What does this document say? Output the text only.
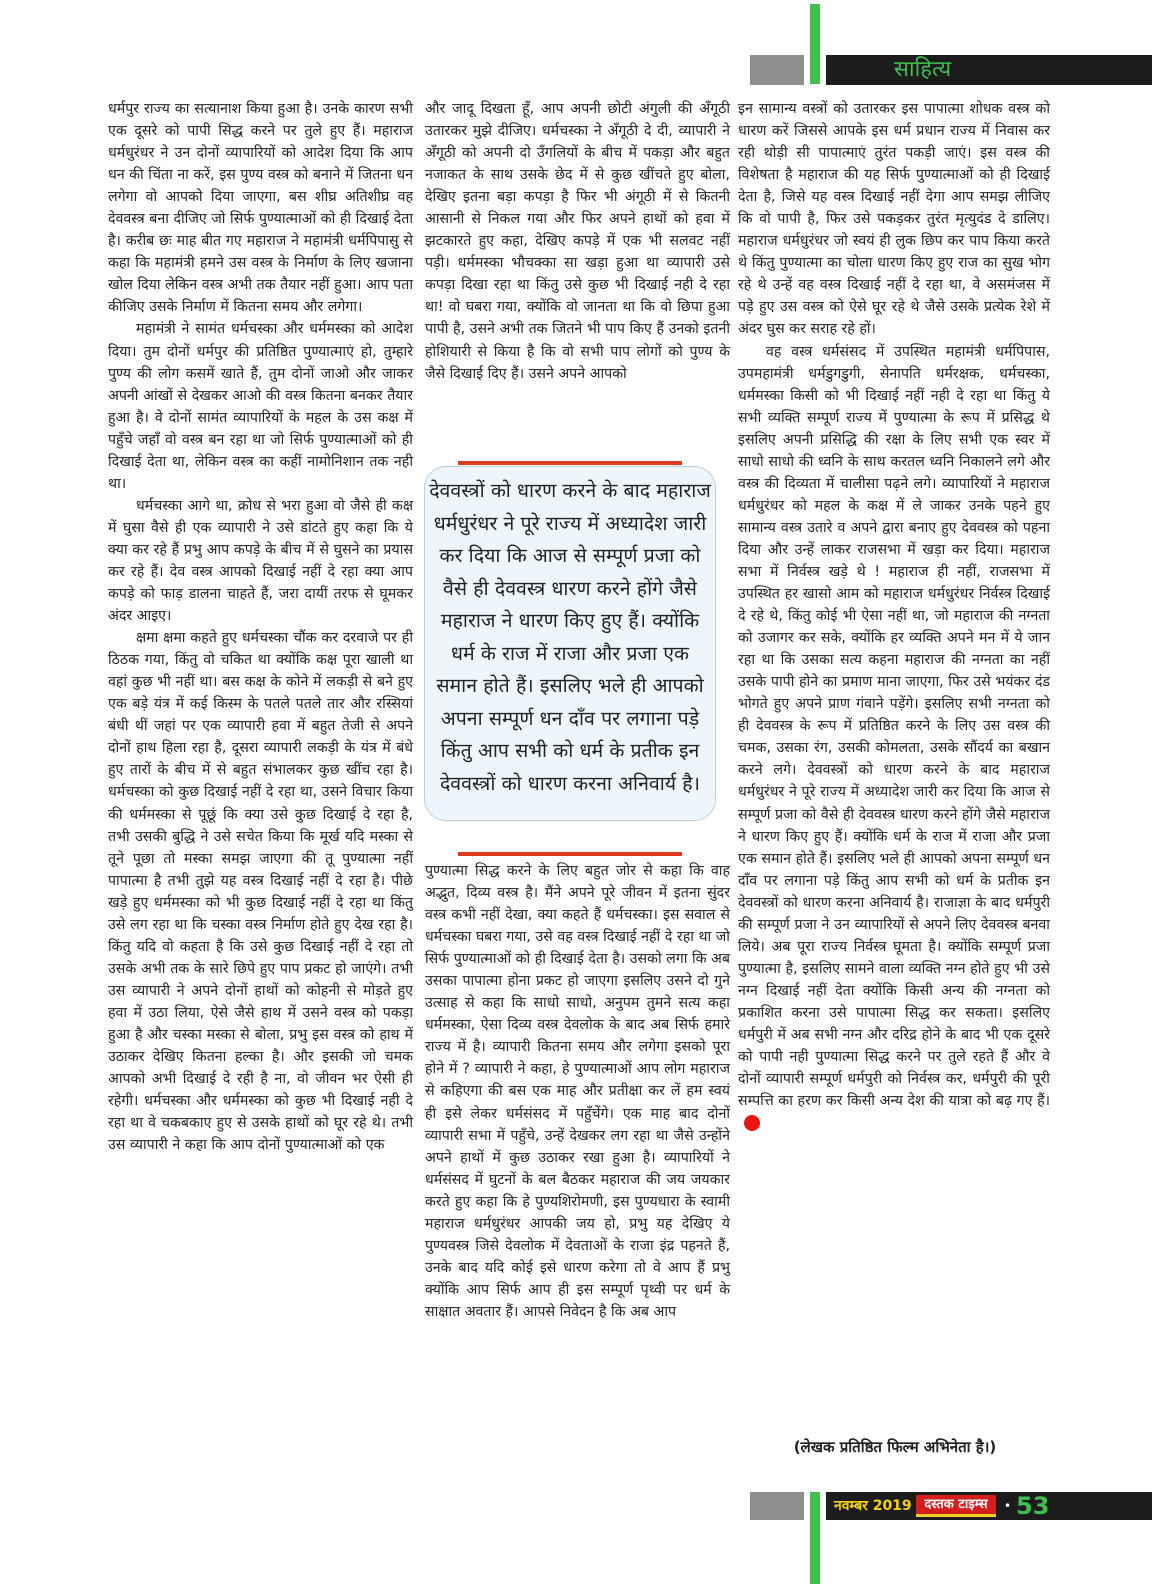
साहित्य

धर्मपुर राज्य का सत्यानाश किया हुआ है। उनके कारण सभी एक दूसरे को पापी सिद्ध करने पर तुले हुए हैं। महाराज धर्मधुरंधर ने उन दोनों व्यापारियों को आदेश दिया कि आप धन की चिंता ना करें, इस पुण्य वस्त्र को बनाने में जितना धन लगेगा वो आपको दिया जाएगा, बस शीघ्र अतिशीघ्र वह देववस्त्र बना दीजिए जो सिर्फ पुण्यात्माओं को ही दिखाई देता है। करीब छः माह बीत गए महाराज ने महामंत्री धर्मपिपासु से कहा कि महामंत्री हमने उस वस्त्र के निर्माण के लिए खजाना खोल दिया लेकिन वस्त्र अभी तक तैयार नहीं हुआ। आप पता कीजिए उसके निर्माण में कितना समय और लगेगा।

महामंत्री ने सामंत धर्मचस्का और धर्ममस्का को आदेश दिया। तुम दोनों धर्मपुर की प्रतिष्ठित पुण्यात्माएं हो, तुम्हारे पुण्य की लोग कसमें खाते हैं, तुम दोनों जाओ और जाकर अपनी आंखों से देखकर आओ की वस्त्र कितना बनकर तैयार हुआ है। वे दोनों सामंत व्यापारियों के महल के उस कक्ष में पहुँचे जहाँ वो वस्त्र बन रहा था जो सिर्फ पुण्यात्माओं को ही दिखाई देता था, लेकिन वस्त्र का कहीं नामोनिशान तक नही था।

धर्मचस्का आगे था, क्रोध से भरा हुआ वो जैसे ही कक्ष में घुसा वैसे ही एक व्यापारी ने उसे डांटते हुए कहा कि ये क्या कर रहे हैं प्रभु आप कपड़े के बीच में से घुसने का प्रयास कर रहे हैं। देव वस्त्र आपको दिखाई नहीं दे रहा क्या आप कपड़े को फाड़ डालना चाहते हैं, जरा दायीं तरफ से घूमकर अंदर आइए।

क्षमा क्षमा कहते हुए धर्मचस्का चौंक कर दरवाजे पर ही ठिठक गया, किंतु वो चकित था क्योंकि कक्ष पूरा खाली था वहां कुछ भी नहीं था। बस कक्ष के कोने में लकड़ी से बने हुए एक बड़े यंत्र में कई किस्म के पतले पतले तार और रस्सियां बंधी थीं जहां पर एक व्यापारी हवा में बहुत तेजी से अपने दोनों हाथ हिला रहा है, दूसरा व्यापारी लकड़ी के यंत्र में बंधे हुए तारों के बीच में से बहुत संभालकर कुछ खींच रहा है। धर्मचस्का को कुछ दिखाई नहीं दे रहा था, उसने विचार किया की धर्ममस्का से पूछूं कि क्या उसे कुछ दिखाई दे रहा है, तभी उसकी बुद्धि ने उसे सचेत किया कि मूर्ख यदि मस्का से तूने पूछा तो मस्का समझ जाएगा की तू पुण्यात्मा नहीं पापात्मा है तभी तुझे यह वस्त्र दिखाई नहीं दे रहा है। पीछे खड़े हुए धर्ममस्का को भी कुछ दिखाई नहीं दे रहा था किंतु उसे लग रहा था कि चस्का वस्त्र निर्माण होते हुए देख रहा है। किंतु यदि वो कहता है कि उसे कुछ दिखाई नहीं दे रहा तो उसके अभी तक के सारे छिपे हुए पाप प्रकट हो जाएंगे। तभी उस व्यापारी ने अपने दोनों हाथों को कोहनी से मोड़ते हुए हवा में उठा लिया, ऐसे जैसे हाथ में उसने वस्त्र को पकड़ा हुआ है और चस्का मस्का से बोला, प्रभु इस वस्त्र को हाथ में उठाकर देखिए कितना हल्का है। और इसकी जो चमक आपको अभी दिखाई दे रही है ना, वो जीवन भर ऐसी ही रहेगी। धर्मचस्का और धर्ममस्का को कुछ भी दिखाई नही दे रहा था वे चकबकाए हुए से उसके हाथों को घूर रहे थे। तभी उस व्यापारी ने कहा कि आप दोनों पुण्यात्माओं को एक

और जादू दिखता हूँ, आप अपनी छोटी अंगुली की अँगूठी उतारकर मुझे दीजिए। धर्मचस्का ने अँगूठी दे दी, व्यापारी ने अँगूठी को अपनी दो उँगलियों के बीच में पकड़ा और बहुत नजाकत के साथ उसके छेद में से कुछ खींचते हुए बोला, देखिए इतना बड़ा कपड़ा है फिर भी अंगूठी में से कितनी आसानी से निकल गया और फिर अपने हाथों को हवा में झटकारते हुए कहा, देखिए कपड़े में एक भी सलवट नहीं पड़ी। धर्ममस्का भौचक्का सा खड़ा हुआ था व्यापारी उसे कपड़ा दिखा रहा था किंतु उसे कुछ भी दिखाई नही दे रहा था! वो घबरा गया, क्योंकि वो जानता था कि वो छिपा हुआ पापी है, उसने अभी तक जितने भी पाप किए हैं उनको इतनी होशियारी से किया है कि वो सभी पाप लोगों को पुण्य के जैसे दिखाई दिए हैं। उसने अपने आपको

देववस्त्रों को धारण करने के बाद महाराज धर्मधुरंधर ने पूरे राज्य में अध्यादेश जारी कर दिया कि आज से सम्पूर्ण प्रजा को वैसे ही देववस्त्र धारण करने होंगे जैसे महाराज ने धारण किए हुए हैं। क्योंकि धर्म के राज में राजा और प्रजा एक समान होते हैं। इसलिए भले ही आपको अपना सम्पूर्ण धन दाँव पर लगाना पड़े किंतु आप सभी को धर्म के प्रतीक इन देववस्त्रों को धारण करना अनिवार्य है।

पुण्यात्मा सिद्ध करने के लिए बहुत जोर से कहा कि वाह अद्भुत, दिव्य वस्त्र है। मैंने अपने पूरे जीवन में इतना सुंदर वस्त्र कभी नहीं देखा, क्या कहते हैं धर्मचस्का। इस सवाल से धर्मचस्का घबरा गया, उसे वह वस्त्र दिखाई नहीं दे रहा था जो सिर्फ पुण्यात्माओं को ही दिखाई देता है। उसको लगा कि अब उसका पापात्मा होना प्रकट हो जाएगा इसलिए उसने दो गुने उत्साह से कहा कि साधो साधो, अनुपम तुमने सत्य कहा धर्ममस्का, ऐसा दिव्य वस्त्र देवलोक के बाद अब सिर्फ हमारे राज्य में है। व्यापारी कितना समय और लगेगा इसको पूरा होने में ? व्यापारी ने कहा, हे पुण्यात्माओं आप लोग महाराज से कहिएगा की बस एक माह और प्रतीक्षा कर लें हम स्वयं ही इसे लेकर धर्मसंसद में पहुँचेंगे। एक माह बाद दोनों व्यापारी सभा में पहुँचे, उन्हें देखकर लग रहा था जैसे उन्होंने अपने हाथों में कुछ उठाकर रखा हुआ है। व्यापारियों ने धर्मसंसद में घुटनों के बल बैठकर महाराज की जय जयकार करते हुए कहा कि हे पुण्यशिरोमणी, इस पुण्यधारा के स्वामी महाराज धर्मधुरंधर आपकी जय हो, प्रभु यह देखिए ये पुण्यवस्त्र जिसे देवलोक में देवताओं के राजा इंद्र पहनते हैं, उनके बाद यदि कोई इसे धारण करेगा तो वे आप हैं प्रभु क्योंकि आप सिर्फ आप ही इस सम्पूर्ण पृथ्वी पर धर्म के साक्षात अवतार हैं। आपसे निवेदन है कि अब आप

इन सामान्य वस्त्रों को उतारकर इस पापात्मा शोधक वस्त्र को धारण करें जिससे आपके इस धर्म प्रधान राज्य में निवास कर रही थोड़ी सी पापात्माएं तुरंत पकड़ी जाएं। इस वस्त्र की विशेषता है महाराज की यह सिर्फ पुण्यात्माओं को ही दिखाई देता है, जिसे यह वस्त्र दिखाई नहीं देगा आप समझ लीजिए कि वो पापी है, फिर उसे पकड़कर तुरंत मृत्युदंड दे डालिए। महाराज धर्मधुरंधर जो स्वयं ही लुक छिप कर पाप किया करते थे किंतु पुण्यात्मा का चोला धारण किए हुए राज का सुख भोग रहे थे उन्हें वह वस्त्र दिखाई नहीं दे रहा था, वे असमंजस में पड़े हुए उस वस्त्र को ऐसे घूर रहे थे जैसे उसके प्रत्येक रेशे में अंदर घुस कर सराह रहे हों।

वह वस्त्र धर्मसंसद में उपस्थित महामंत्री धर्मपिपास, उपमहामंत्री धर्मडुगडुगी, सेनापति धर्मरक्षक, धर्मचस्का, धर्ममस्का किसी को भी दिखाई नहीं नही दे रहा था किंतु ये सभी व्यक्ति सम्पूर्ण राज्य में पुण्यात्मा के रूप में प्रसिद्ध थे इसलिए अपनी प्रसिद्धि की रक्षा के लिए सभी एक स्वर में साधो साधो की ध्वनि के साथ करतल ध्वनि निकालने लगे और वस्त्र की दिव्यता में चालीसा पढ़ने लगे। व्यापारियों ने महाराज धर्मधुरंधर को महल के कक्ष में ले जाकर उनके पहने हुए सामान्य वस्त्र उतारे व अपने द्वारा बनाए हुए देववस्त्र को पहना दिया और उन्हें लाकर राजसभा में खड़ा कर दिया। महाराज सभा में निर्वस्त्र खड़े थे ! महाराज ही नहीं, राजसभा में उपस्थित हर खासो आम को महाराज धर्मधुरंधर निर्वस्त्र दिखाई दे रहे थे, किंतु कोई भी ऐसा नहीं था, जो महाराज की नग्नता को उजागर कर सके, क्योंकि हर व्यक्ति अपने मन में ये जान रहा था कि उसका सत्य कहना महाराज की नग्नता का नहीं उसके पापी होने का प्रमाण माना जाएगा, फिर उसे भयंकर दंड भोगते हुए अपने प्राण गंवाने पड़ेंगे। इसलिए सभी नग्नता को ही देववस्त्र के रूप में प्रतिष्ठित करने के लिए उस वस्त्र की चमक, उसका रंग, उसकी कोमलता, उसके सौंदर्य का बखान करने लगे। देववस्त्रों को धारण करने के बाद महाराज धर्मधुरंधर ने पूरे राज्य में अध्यादेश जारी कर दिया कि आज से सम्पूर्ण प्रजा को वैसे ही देववस्त्र धारण करने होंगे जैसे महाराज ने धारण किए हुए हैं। क्योंकि धर्म के राज में राजा और प्रजा एक समान होते हैं। इसलिए भले ही आपको अपना सम्पूर्ण धन दाँव पर लगाना पड़े किंतु आप सभी को धर्म के प्रतीक इन देववस्त्रों को धारण करना अनिवार्य है। राजाज्ञा के बाद धर्मपुरी की सम्पूर्ण प्रजा ने उन व्यापारियों से अपने लिए देववस्त्र बनवा लिये। अब पूरा राज्य निर्वस्त्र घूमता है। क्योंकि सम्पूर्ण प्रजा पुण्यात्मा है, इसलिए सामने वाला व्यक्ति नग्न होते हुए भी उसे नग्न दिखाई नहीं देता क्योंकि किसी अन्य की नग्नता को प्रकाशित करना उसे पापात्मा सिद्ध कर सकता। इसलिए धर्मपुरी में अब सभी नग्न और दरिद्र होने के बाद भी एक दूसरे को पापी नही पुण्यात्मा सिद्ध करने पर तुले रहते हैं और वे दोनों व्यापारी सम्पूर्ण धर्मपुरी को निर्वस्त्र कर, धर्मपुरी की पूरी सम्पत्ति का हरण कर किसी अन्य देश की यात्रा को बढ़ गए हैं।

(लेखक प्रतिष्ठित फिल्म अभिनेता है।)
नवम्बर 2019 दस्तक टाइम्स	• 53
